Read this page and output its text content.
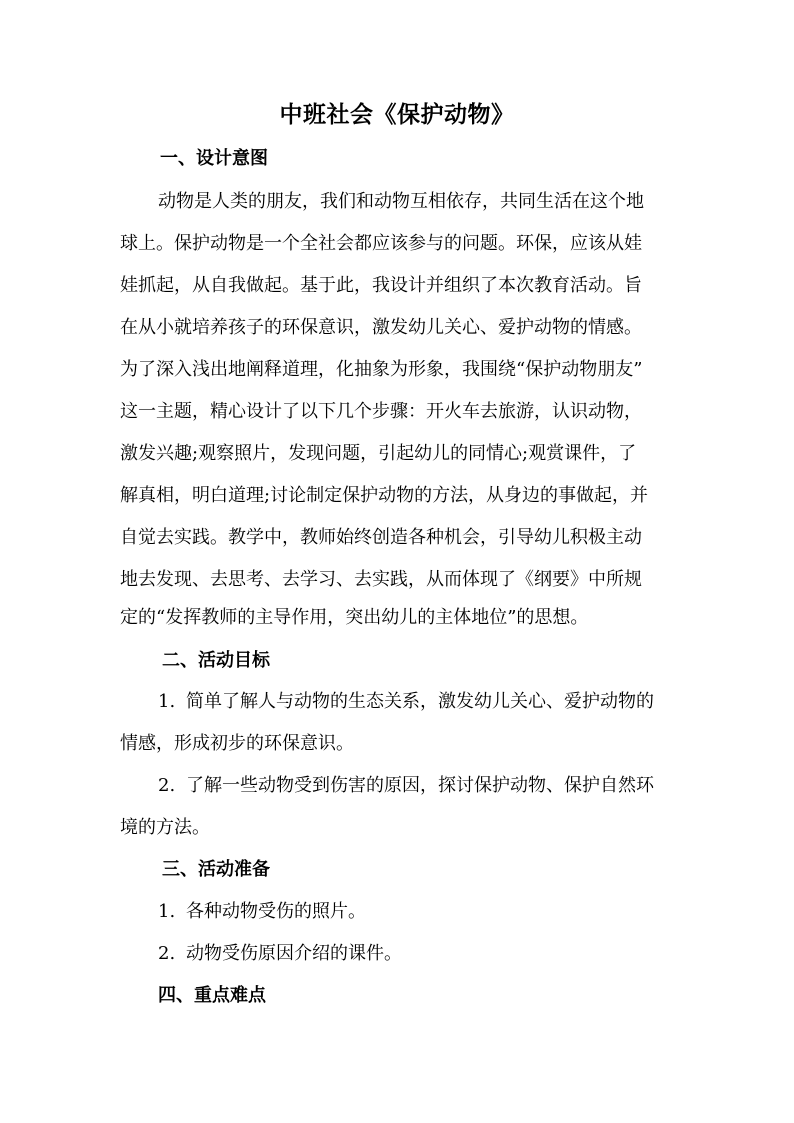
中班社会《保护动物》
一、设计意图
动物是人类的朋友，我们和动物互相依存，共同生活在这个地
球上。保护动物是一个全社会都应该参与的问题。环保，应该从娃
娃抓起，从自我做起。基于此，我设计并组织了本次教育活动。旨
在从小就培养孩子的环保意识，激发幼儿关心、爱护动物的情感。
为了深入浅出地阐释道理，化抽象为形象，我围绕“保护动物朋友”
这一主题，精心设计了以下几个步骤：开火车去旅游，认识动物，
激发兴趣;观察照片，发现问题，引起幼儿的同情心;观赏课件，了
解真相，明白道理;讨论制定保护动物的方法，从身边的事做起，并
自觉去实践。教学中，教师始终创造各种机会，引导幼儿积极主动
地去发现、去思考、去学习、去实践，从而体现了《纲要》中所规
定的“发挥教师的主导作用，突出幼儿的主体地位”的思想。
二、活动目标
1. 简单了解人与动物的生态关系，激发幼儿关心、爱护动物的
情感，形成初步的环保意识。
2. 了解一些动物受到伤害的原因，探讨保护动物、保护自然环
境的方法。
三、活动准备
1. 各种动物受伤的照片。
2. 动物受伤原因介绍的课件。
四、重点难点
